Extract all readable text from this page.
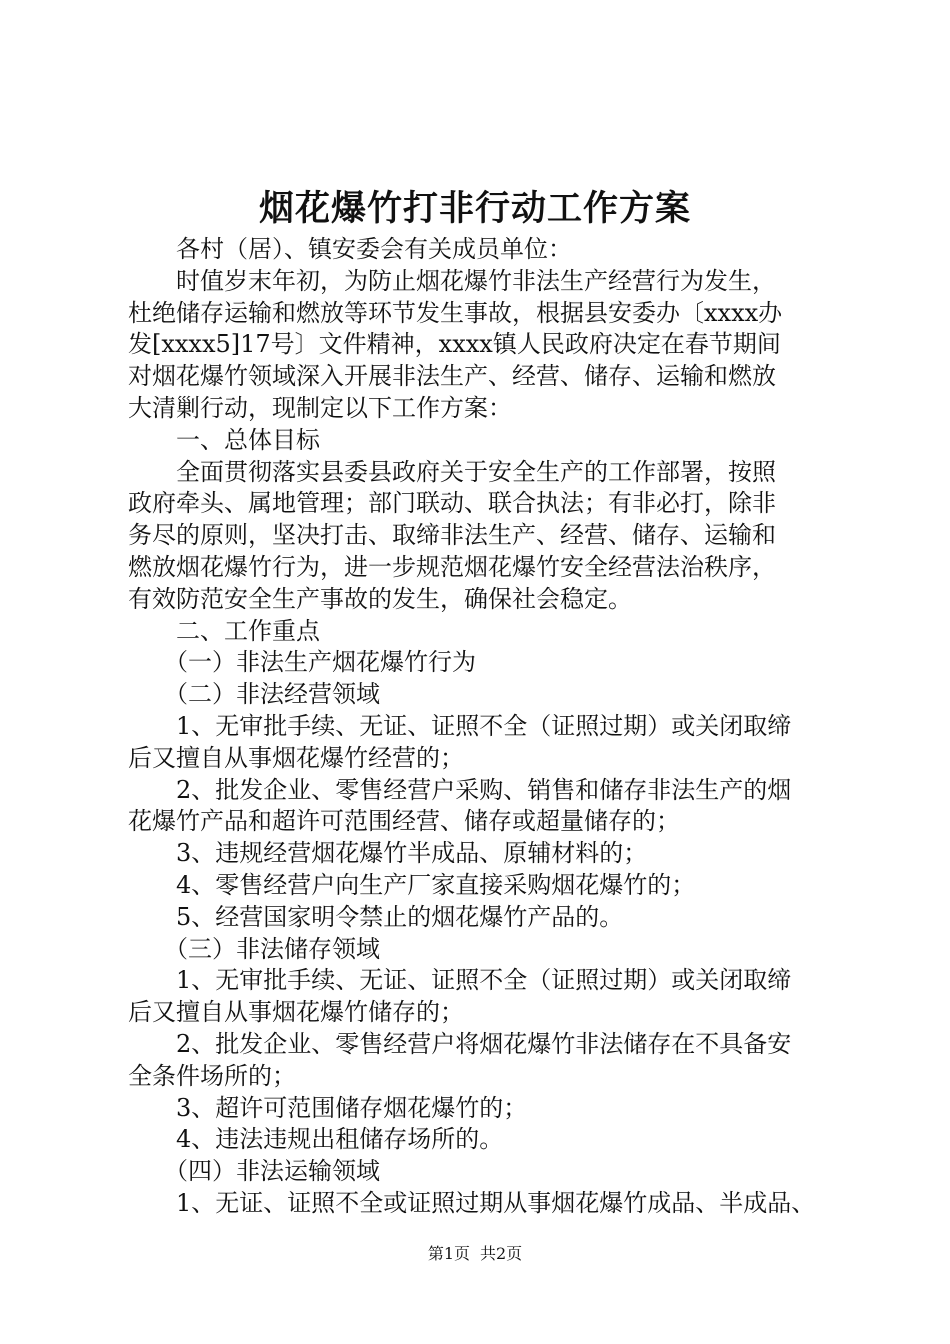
烟花爆竹打非行动工作方案
　　各村（居）、镇安委会有关成员单位：
　　时值岁末年初，为防止烟花爆竹非法生产经营行为发生，
杜绝储存运输和燃放等环节发生事故，根据县安委办〔xxxx办
发[xxxx5]17号〕文件精神，xxxx镇人民政府决定在春节期间
对烟花爆竹领域深入开展非法生产、经营、储存、运输和燃放
大清剿行动，现制定以下工作方案：
　　一、总体目标
　　全面贯彻落实县委县政府关于安全生产的工作部署，按照
政府牵头、属地管理；部门联动、联合执法；有非必打，除非
务尽的原则，坚决打击、取缔非法生产、经营、储存、运输和
燃放烟花爆竹行为，进一步规范烟花爆竹安全经营法治秩序，
有效防范安全生产事故的发生，确保社会稳定。
　　二、工作重点
　　（一）非法生产烟花爆竹行为
　　（二）非法经营领域
　　1、无审批手续、无证、证照不全（证照过期）或关闭取缔
后又擅自从事烟花爆竹经营的；
　　2、批发企业、零售经营户采购、销售和储存非法生产的烟
花爆竹产品和超许可范围经营、储存或超量储存的；
　　3、违规经营烟花爆竹半成品、原辅材料的；
　　4、零售经营户向生产厂家直接采购烟花爆竹的；
　　5、经营国家明令禁止的烟花爆竹产品的。
　　（三）非法储存领域
　　1、无审批手续、无证、证照不全（证照过期）或关闭取缔
后又擅自从事烟花爆竹储存的；
　　2、批发企业、零售经营户将烟花爆竹非法储存在不具备安
全条件场所的；
　　3、超许可范围储存烟花爆竹的；
　　4、违法违规出租储存场所的。
　　（四）非法运输领域
　　1、无证、证照不全或证照过期从事烟花爆竹成品、半成品、
第1页 共2页
